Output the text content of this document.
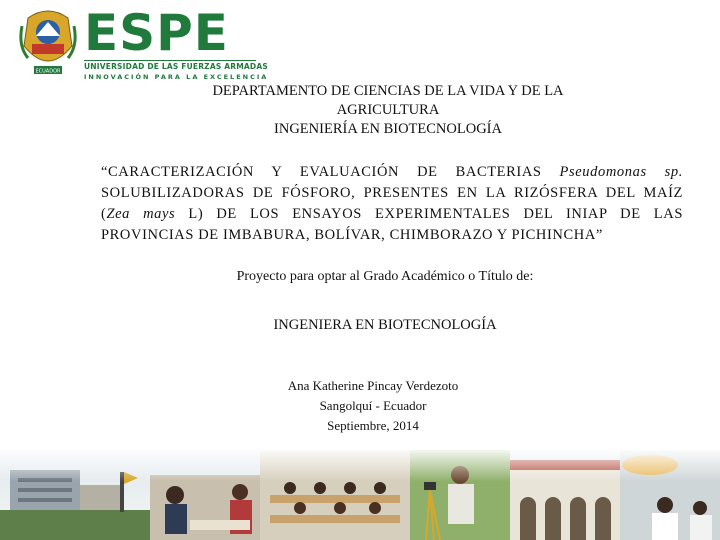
ECUADOR
ESPE
UNIVERSIDAD DE LAS FUERZAS ARMADAS
INNOVACIÓN PARA LA EXCELENCIA
DEPARTAMENTO DE CIENCIAS DE LA VIDA Y DE LA
AGRICULTURA
INGENIERÍA EN BIOTECNOLOGÍA
“CARACTERIZACIÓN Y EVALUACIÓN DE BACTERIAS Pseudomonas sp. SOLUBILIZADORAS DE FÓSFORO, PRESENTES EN LA RIZÓSFERA DEL MAÍZ (Zea mays L) DE LOS ENSAYOS EXPERIMENTALES DEL INIAP DE LAS PROVINCIAS DE IMBABURA, BOLÍVAR, CHIMBORAZO Y PICHINCHA”
Proyecto para optar al Grado Académico o Título de:
INGENIERA EN BIOTECNOLOGÍA
Ana Katherine Pincay Verdezoto
Sangolquí - Ecuador
Septiembre, 2014
